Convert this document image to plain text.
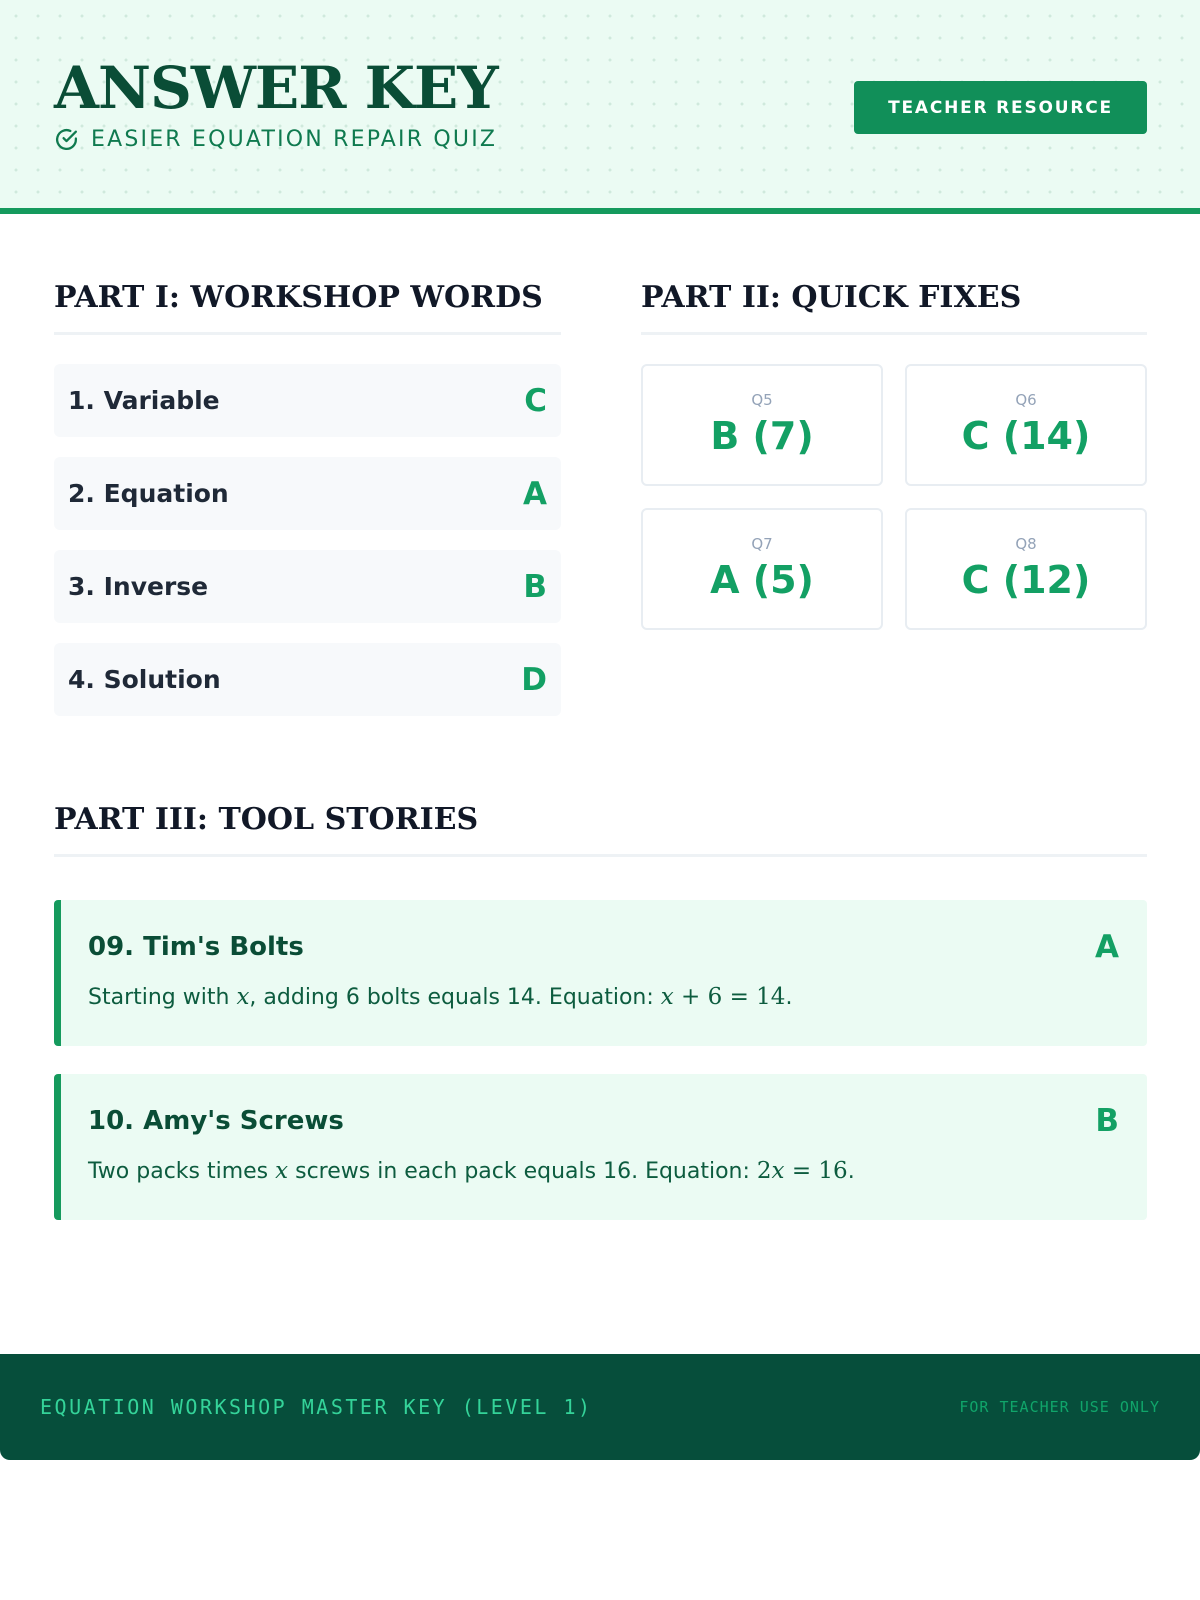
ANSWER KEY
EASIER EQUATION REPAIR QUIZ
TEACHER RESOURCE
PART I: WORKSHOP WORDS
1. Variable	C
2. Equation	A
3. Inverse	B
4. Solution	D
PART II: QUICK FIXES
Q5
B (7)
Q6
C (14)
Q7
A (5)
Q8
C (12)
PART III: TOOL STORIES
09. Tim's Bolts	A
Starting with x, adding 6 bolts equals 14. Equation: x + 6 = 14.
10. Amy's Screws	B
Two packs times x screws in each pack equals 16. Equation: 2x = 16.
EQUATION WORKSHOP MASTER KEY (LEVEL 1)	FOR TEACHER USE ONLY
